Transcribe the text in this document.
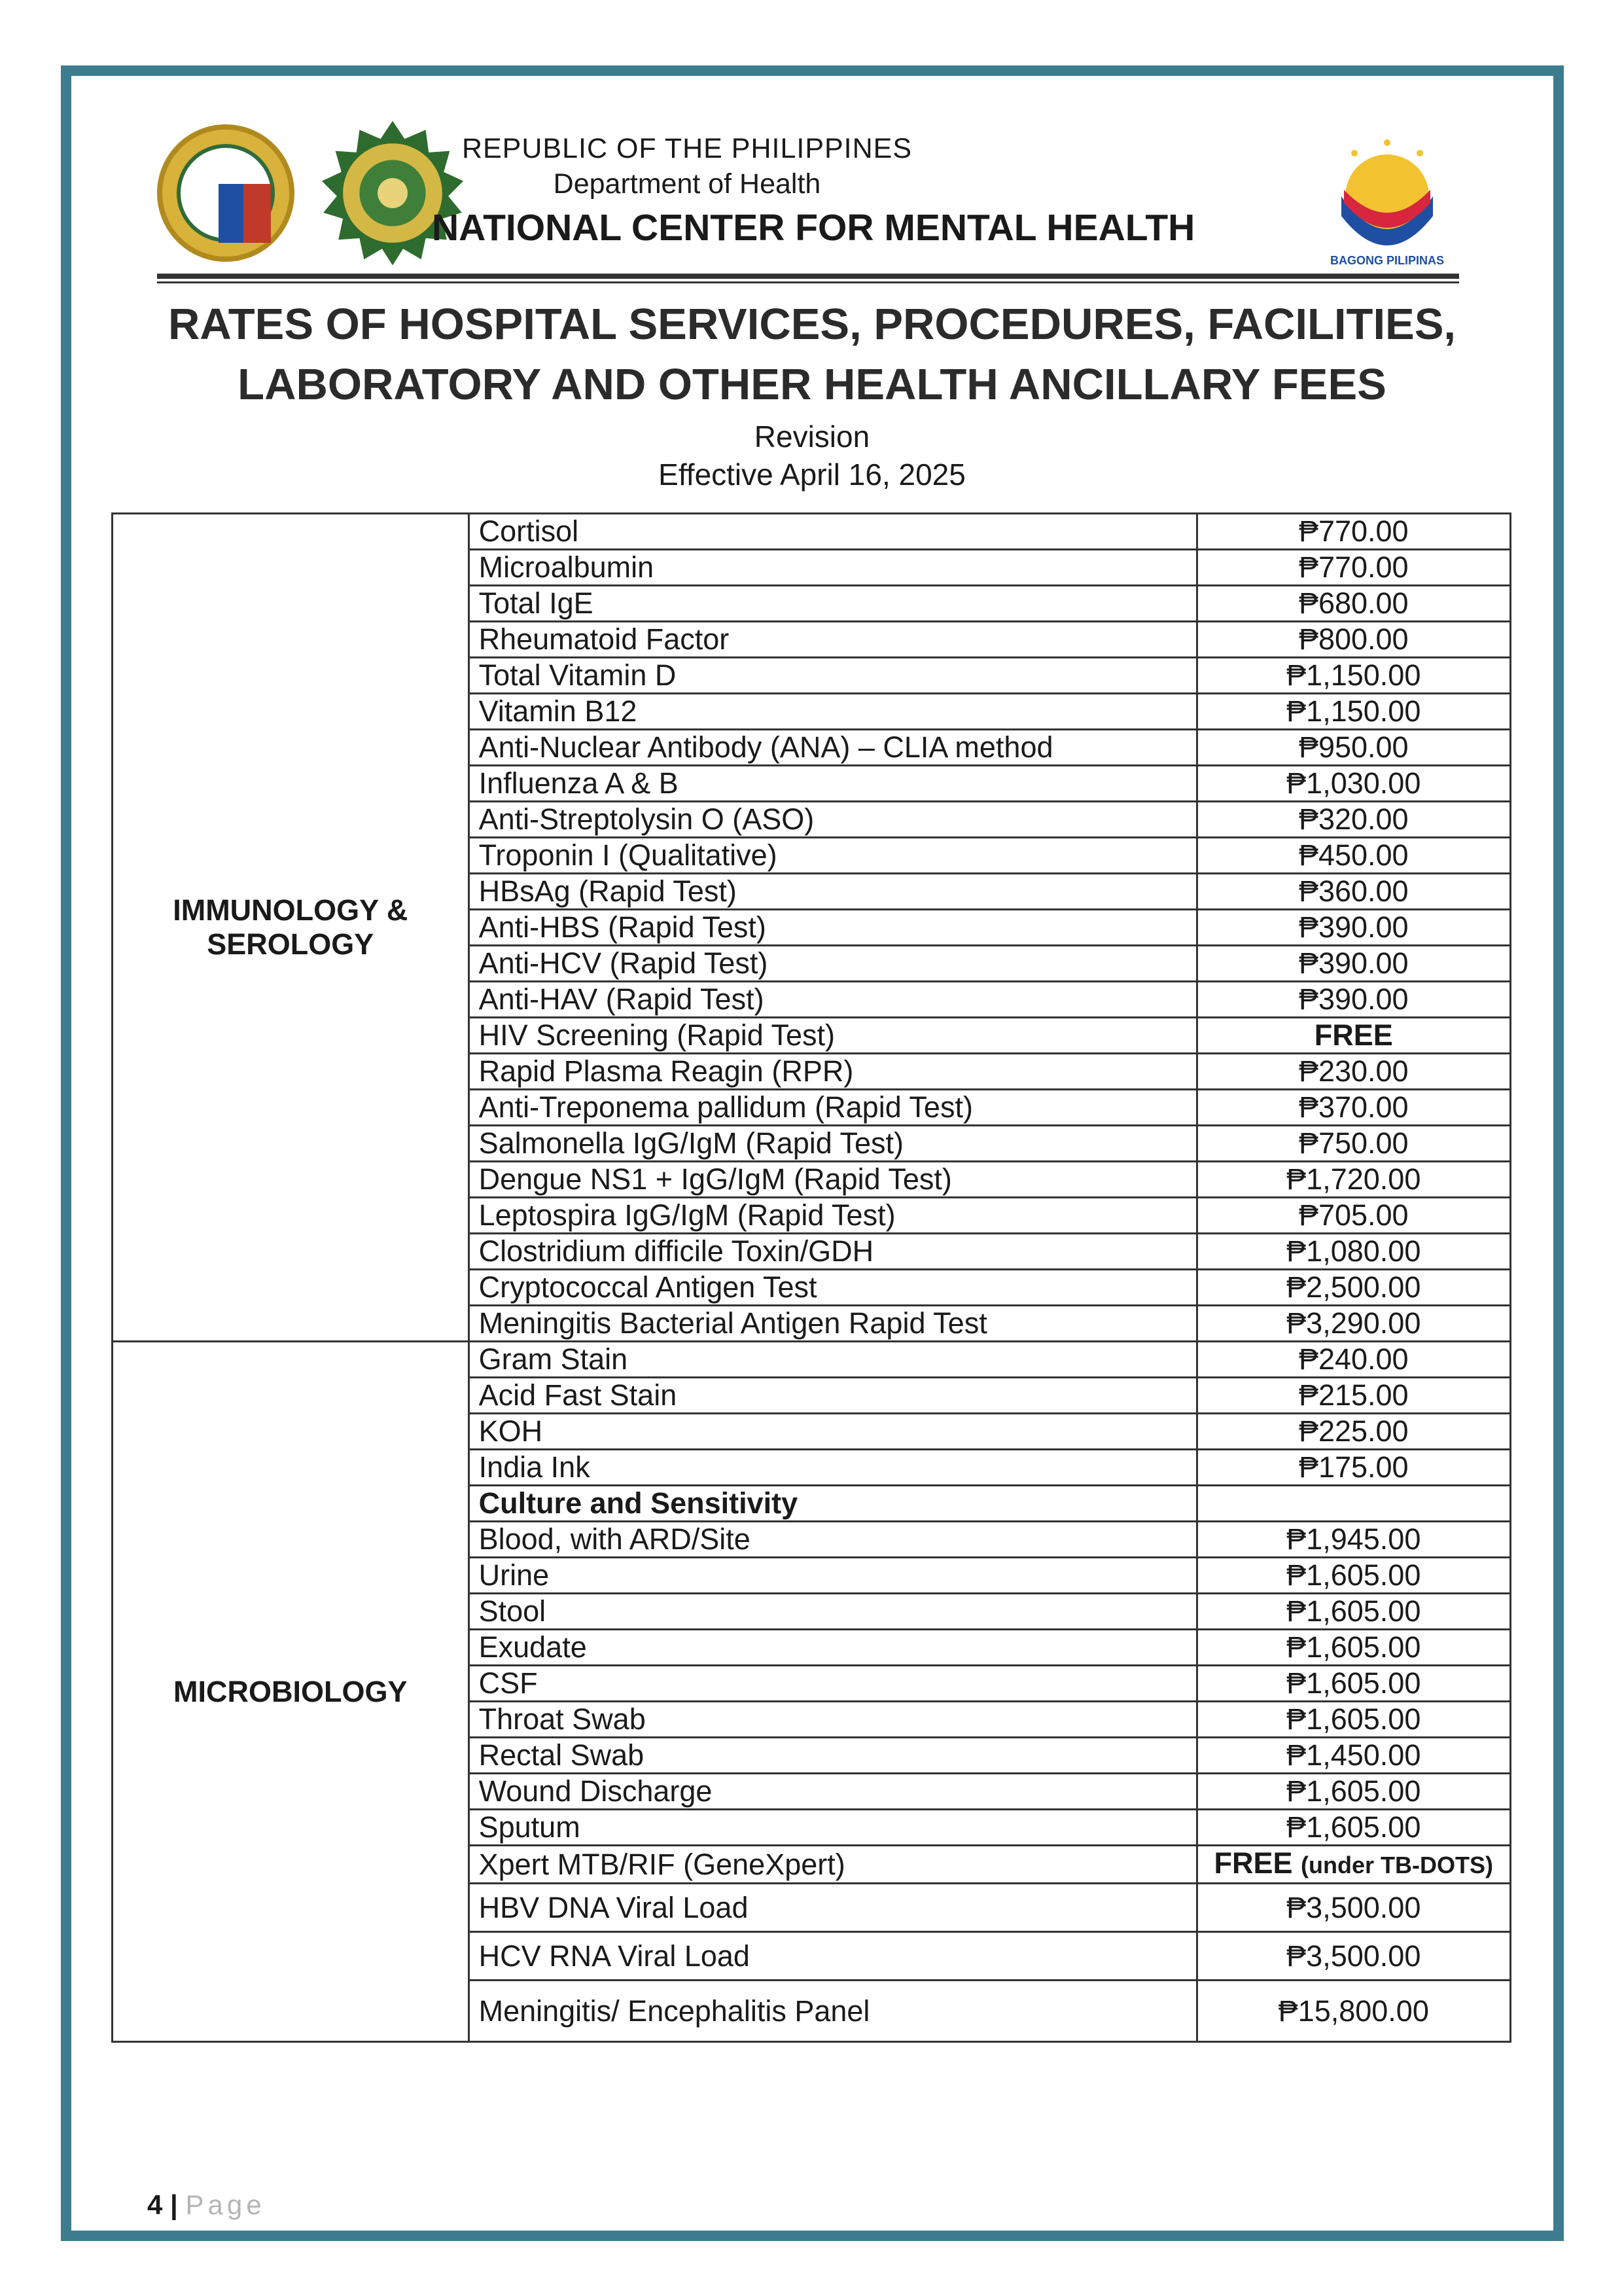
REPUBLIC OF THE PHILIPPINES
Department of Health
NATIONAL CENTER FOR MENTAL HEALTH
BAGONG PILIPINAS
RATES OF HOSPITAL SERVICES, PROCEDURES, FACILITIES,
LABORATORY AND OTHER HEALTH ANCILLARY FEES
Revision
Effective April 16, 2025
IMMUNOLOGY &
SEROLOGY	Cortisol	₱770.00
	Microalbumin	₱770.00
	Total IgE	₱680.00
	Rheumatoid Factor	₱800.00
	Total Vitamin D	₱1,150.00
	Vitamin B12	₱1,150.00
	Anti-Nuclear Antibody (ANA) – CLIA method	₱950.00
	Influenza A & B	₱1,030.00
	Anti-Streptolysin O (ASO)	₱320.00
	Troponin I (Qualitative)	₱450.00
	HBsAg (Rapid Test)	₱360.00
	Anti-HBS (Rapid Test)	₱390.00
	Anti-HCV (Rapid Test)	₱390.00
	Anti-HAV (Rapid Test)	₱390.00
	HIV Screening (Rapid Test)	FREE
	Rapid Plasma Reagin (RPR)	₱230.00
	Anti-Treponema pallidum (Rapid Test)	₱370.00
	Salmonella IgG/IgM (Rapid Test)	₱750.00
	Dengue NS1 + IgG/IgM (Rapid Test)	₱1,720.00
	Leptospira IgG/IgM (Rapid Test)	₱705.00
	Clostridium difficile Toxin/GDH	₱1,080.00
	Cryptococcal Antigen Test	₱2,500.00
	Meningitis Bacterial Antigen Rapid Test	₱3,290.00
MICROBIOLOGY	Gram Stain	₱240.00
	Acid Fast Stain	₱215.00
	KOH	₱225.00
	India Ink	₱175.00
	Culture and Sensitivity	
	Blood, with ARD/Site	₱1,945.00
	Urine	₱1,605.00
	Stool	₱1,605.00
	Exudate	₱1,605.00
	CSF	₱1,605.00
	Throat Swab	₱1,605.00
	Rectal Swab	₱1,450.00
	Wound Discharge	₱1,605.00
	Sputum	₱1,605.00
	Xpert MTB/RIF (GeneXpert)	FREE (under TB-DOTS)
	HBV DNA Viral Load	₱3,500.00
	HCV RNA Viral Load	₱3,500.00
	Meningitis/ Encephalitis Panel	₱15,800.00
4 | Page
